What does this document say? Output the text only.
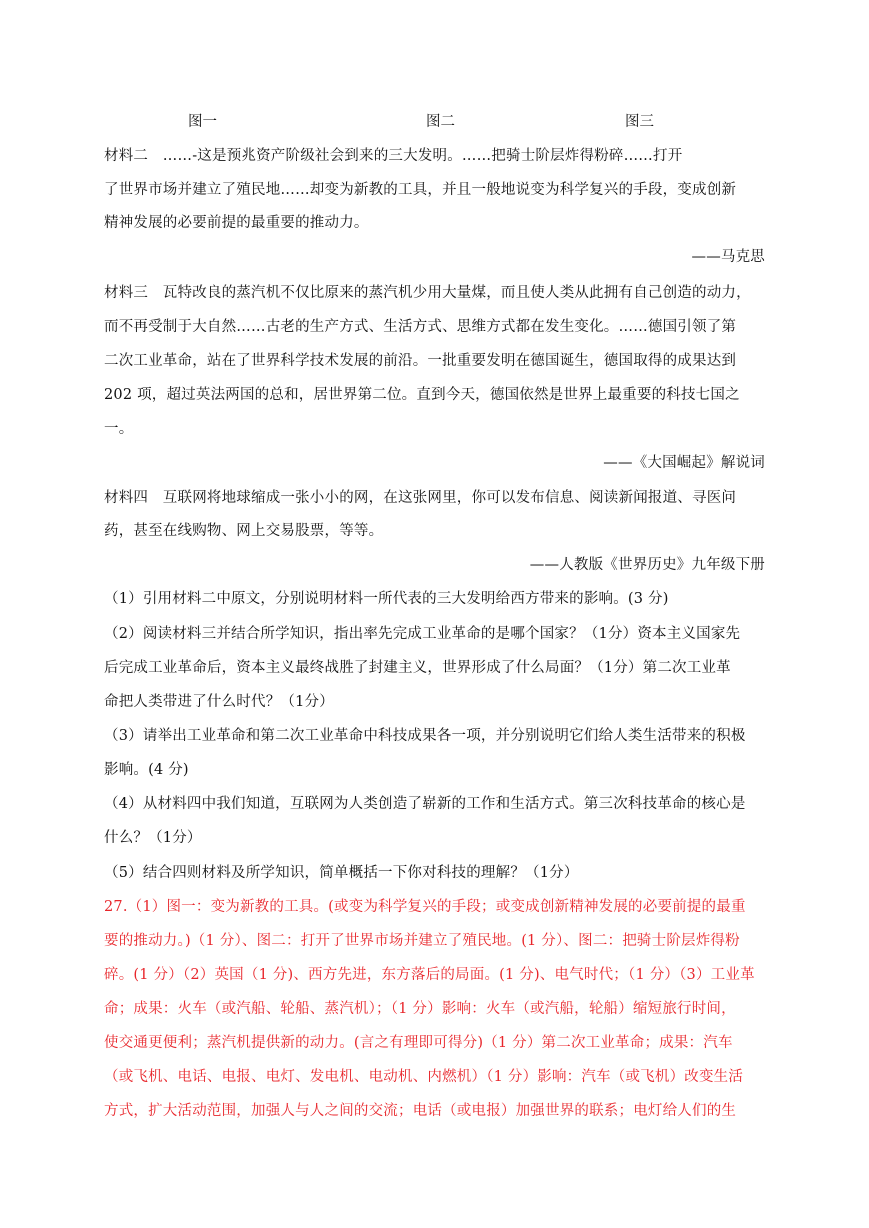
图一	图二	图三
材料二　……-这是预兆资产阶级社会到来的三大发明。……把骑士阶层炸得粉碎……打开
了世界市场并建立了殖民地……却变为新教的工具，并且一般地说变为科学复兴的手段，变成创新
精神发展的必要前提的最重要的推动力。
——马克思
材料三　瓦特改良的蒸汽机不仅比原来的蒸汽机少用大量煤，而且使人类从此拥有自己创造的动力，
而不再受制于大自然……古老的生产方式、生活方式、思维方式都在发生变化。……德国引领了第
二次工业革命，站在了世界科学技术发展的前沿。一批重要发明在德国诞生，德国取得的成果达到
202 项，超过英法两国的总和，居世界第二位。直到今天，德国依然是世界上最重要的科技七国之
一。
——《大国崛起》解说词
材料四　互联网将地球缩成一张小小的网，在这张网里，你可以发布信息、阅读新闻报道、寻医问
药，甚至在线购物、网上交易股票，等等。
——人教版《世界历史》九年级下册
（1）引用材料二中原文，分别说明材料一所代表的三大发明给西方带来的影响。(3 分)
（2）阅读材料三并结合所学知识，指出率先完成工业革命的是哪个国家？（1分）资本主义国家先
后完成工业革命后，资本主义最终战胜了封建主义，世界形成了什么局面？（1分）第二次工业革
命把人类带进了什么时代？（1分）
（3）请举出工业革命和第二次工业革命中科技成果各一项，并分别说明它们给人类生活带来的积极
影响。(4 分)
（4）从材料四中我们知道，互联网为人类创造了崭新的工作和生活方式。第三次科技革命的核心是
什么？（1分）
（5）结合四则材料及所学知识，简单概括一下你对科技的理解？（1分）
27.（1）图一：变为新教的工具。(或变为科学复兴的手段；或变成创新精神发展的必要前提的最重
要的推动力。)（1 分）、图二：打开了世界市场并建立了殖民地。(1 分）、图二：把骑士阶层炸得粉
碎。(1 分）（2）英国（1 分)、西方先进，东方落后的局面。(1 分)、电气时代；（1 分）（3）工业革
命；成果：火车（或汽船、轮船、蒸汽机）；（1 分）影响：火车（或汽船，轮船）缩短旅行时间，
使交通更便利；蒸汽机提供新的动力。(言之有理即可得分)（1 分）第二次工业革命；成果：汽车
（或飞机、电话、电报、电灯、发电机、电动机、内燃机）（1 分）影响：汽车（或飞机）改变生活
方式，扩大活动范围，加强人与人之间的交流；电话（或电报）加强世界的联系；电灯给人们的生
